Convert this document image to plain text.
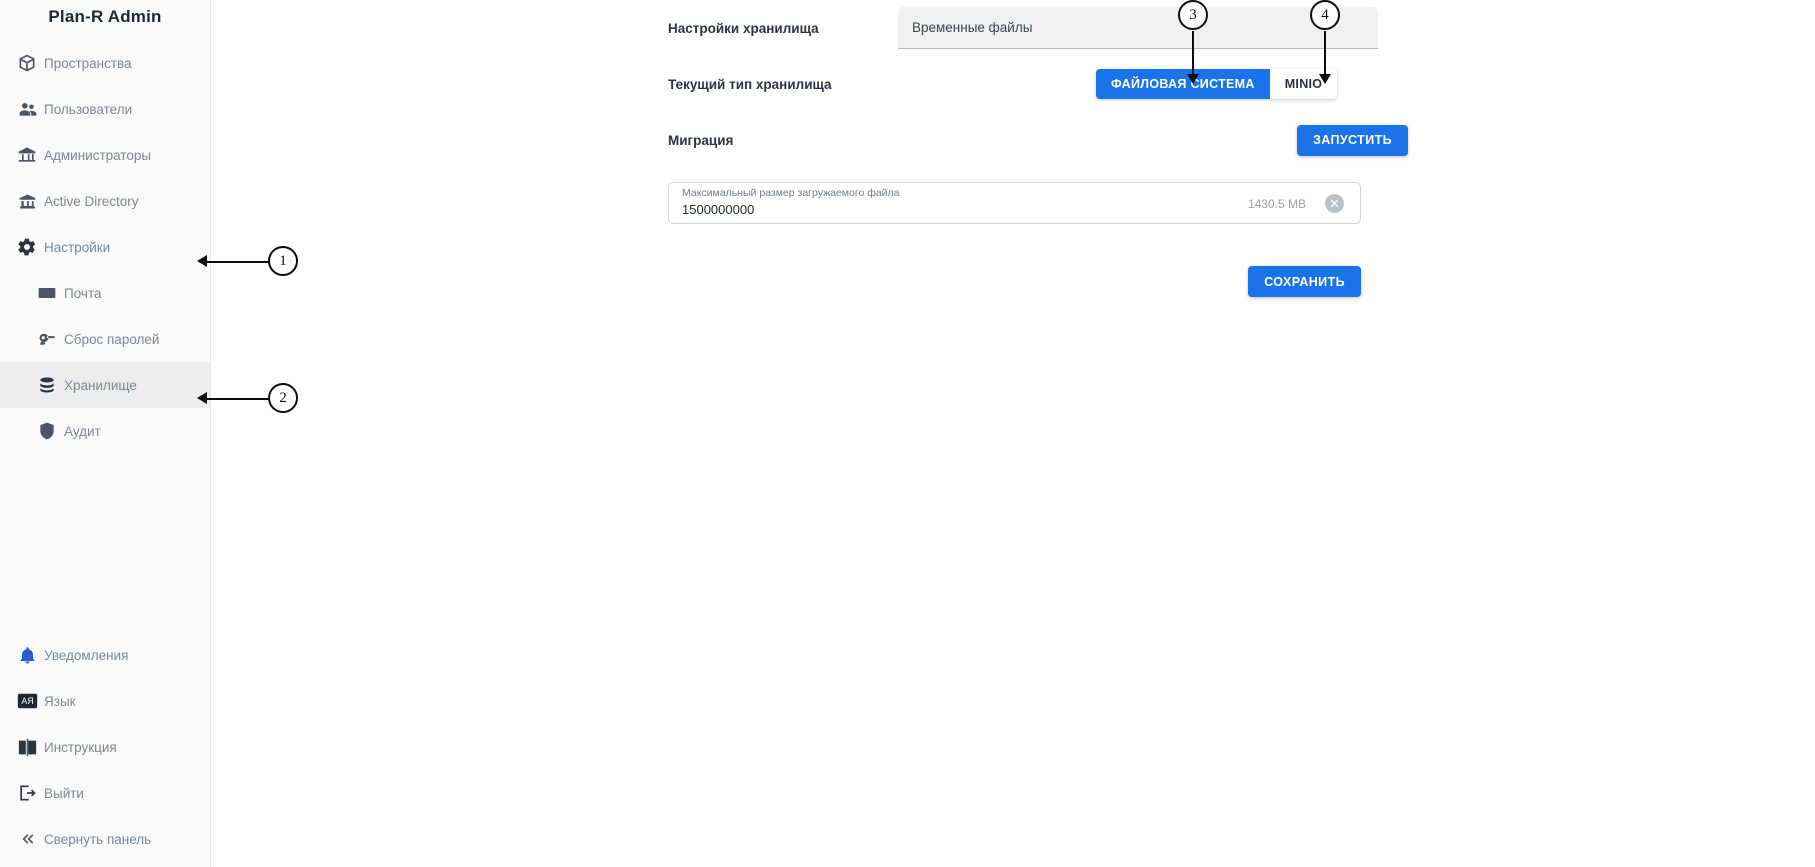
Plan-R Admin
Пространства
Пользователи
Администраторы
Active Directory
Настройки
Почта
Сброс паролей
Хранилище
Аудит
Уведомления
AЯ Язык
Инструкция
Выйти
Свернуть панель
Настройки хранилища	Временные файлы
Текущий тип хранилища	ФАЙЛОВАЯ СИСТЕМА	MINIO
Миграция	ЗАПУСТИТЬ
Максимальный размер загружаемого файла
1500000000	1430.5 MB	✕
СОХРАНИТЬ
1
2
3	4
